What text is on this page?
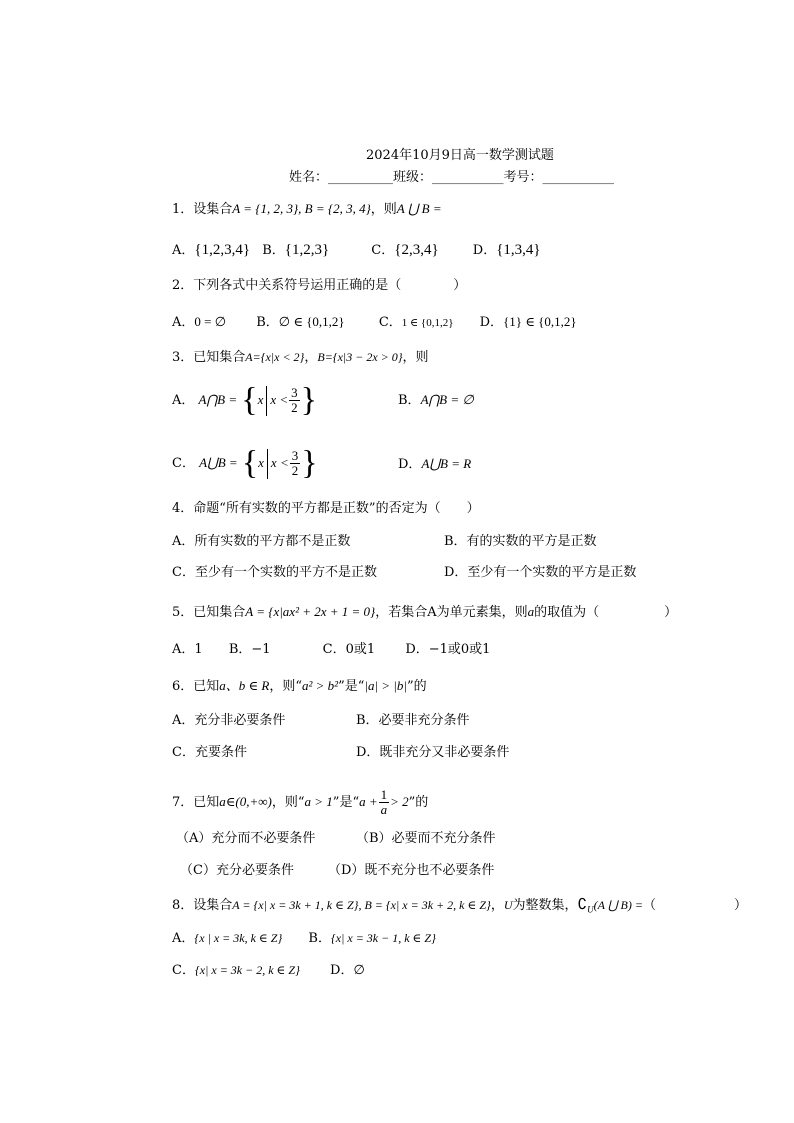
2024年10月9日高一数学测试题
姓名：__________班级：___________考号：___________
1．设集合A = {1, 2, 3}, B = {2, 3, 4}，则A ⋃ B =
A．{1,2,3,4} B．{1,2,3}	C．{2,3,4}	D．{1,3,4}
2．下列各式中关系符号运用正确的是（　　　　）
A．0 = ∅ B．∅ ∈ {0,1,2}	C．1 ∈ {0,1,2} D．{1} ∈ {0,1,2}
3．已知集合A={x|x < 2}，B={x|3 − 2x > 0}，则
A． A⋂B = {x $x < \frac{3}{2}$ }	B．A⋂B = ∅
C． A⋃B = {x $x < \frac{3}{2}$ }	D．A⋃B = R
4．命题“所有实数的平方都是正数”的否定为（　　）
A．所有实数的平方都不是正数	B．有的实数的平方是正数
C．至少有一个实数的平方不是正数	D．至少有一个实数的平方是正数
5．已知集合A = {x|ax² + 2x + 1 = 0}，若集合A为单元素集，则a的取值为（　　　　　）
A．1 B．−1	C．0或1 D．−1或0或1
6．已知a、b ∈ R，则“a² > b²”是“|a| > |b|”的
A．充分非必要条件	B．必要非充分条件
C．充要条件	D．既非充分又非必要条件
7．已知a∈(0,+∞)，则“a > 1”是“$a + \frac{1}{a} > 2$”的
（A）充分而不必要条件	（B）必要而不充分条件
（C）充分必要条件	（D）既不充分也不必要条件
8．设集合A = {x| x = 3k + 1, k ∈ Z}, B = {x| x = 3k + 2, k ∈ Z}，U为整数集，$∁_U(A$ ⋃ B) =（　　　　　　）
A．{x | x = 3k, k ∈ Z} B．{x| x = 3k − 1, k ∈ Z}
C．{x| x = 3k − 2, k ∈ Z} D．∅
